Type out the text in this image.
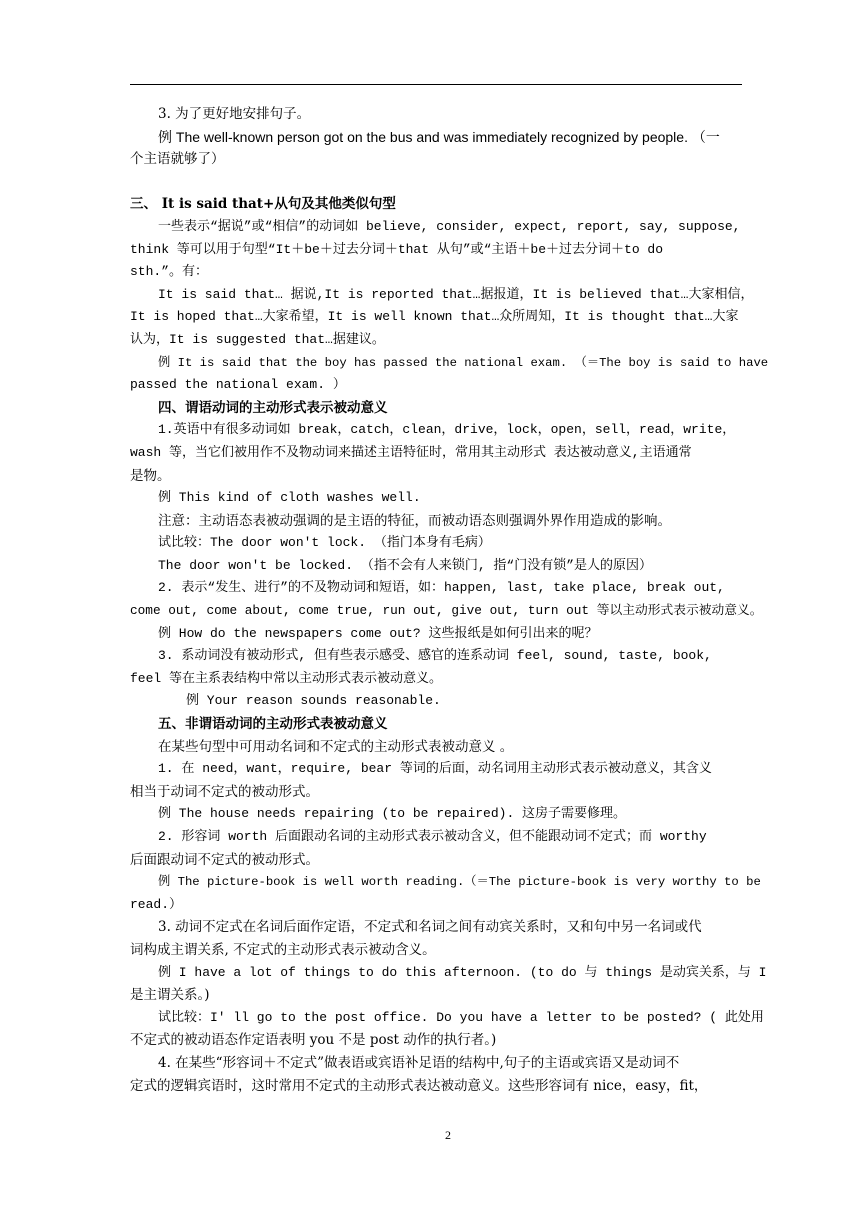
3. 为了更好地安排句子。
例 The well-known person got on the bus and was immediately recognized by people. （一
个主语就够了）
三、 It is said that+从句及其他类似句型
一些表示“据说”或“相信”的动词如 believe, consider, expect, report, say, suppose,
think 等可以用于句型“It＋be＋过去分词＋that 从句”或“主语＋be＋过去分词＋to do
sth.”。有：
It is said that… 据说,It is reported that…据报道，It is believed that…大家相信，
It is hoped that…大家希望，It is well known that…众所周知，It is thought that…大家
认为，It is suggested that…据建议。
例 It is said that the boy has passed the national exam. （＝The boy is said to have
passed the national exam. ）
四、谓语动词的主动形式表示被动意义
1.英语中有很多动词如 break，catch，clean，drive，lock，open，sell，read，write，
wash 等，当它们被用作不及物动词来描述主语特征时，常用其主动形式 表达被动意义,主语通常
是物。
例 This kind of cloth washes well.
注意：主动语态表被动强调的是主语的特征，而被动语态则强调外界作用造成的影响。
试比较：The door won't lock. （指门本身有毛病）
The door won't be locked. （指不会有人来锁门, 指“门没有锁”是人的原因）
2. 表示“发生、进行”的不及物动词和短语，如：happen, last, take place, break out,
come out, come about, come true, run out, give out, turn out 等以主动形式表示被动意义。
例 How do the newspapers come out? 这些报纸是如何引出来的呢？
3. 系动词没有被动形式, 但有些表示感受、感官的连系动词 feel, sound, taste, book,
feel 等在主系表结构中常以主动形式表示被动意义。
例 Your reason sounds reasonable.
五、非谓语动词的主动形式表被动意义
在某些句型中可用动名词和不定式的主动形式表被动意义 。
1. 在 need，want，require, bear 等词的后面，动名词用主动形式表示被动意义，其含义
相当于动词不定式的被动形式。
例 The house needs repairing (to be repaired). 这房子需要修理。
2. 形容词 worth 后面跟动名词的主动形式表示被动含义，但不能跟动词不定式；而 worthy
后面跟动词不定式的被动形式。
例 The picture-book is well worth reading.（＝The picture-book is very worthy to be
read.）
3. 动词不定式在名词后面作定语，不定式和名词之间有动宾关系时，又和句中另一名词或代
词构成主谓关系, 不定式的主动形式表示被动含义。
例 I have a lot of things to do this afternoon. (to do 与 things 是动宾关系，与 I
是主谓关系。)
试比较：I' ll go to the post office. Do you have a letter to be posted? ( 此处用
不定式的被动语态作定语表明 you 不是 post 动作的执行者。)
4. 在某些“形容词＋不定式”做表语或宾语补足语的结构中,句子的主语或宾语又是动词不
定式的逻辑宾语时，这时常用不定式的主动形式表达被动意义。这些形容词有 nice，easy，fit，
2
